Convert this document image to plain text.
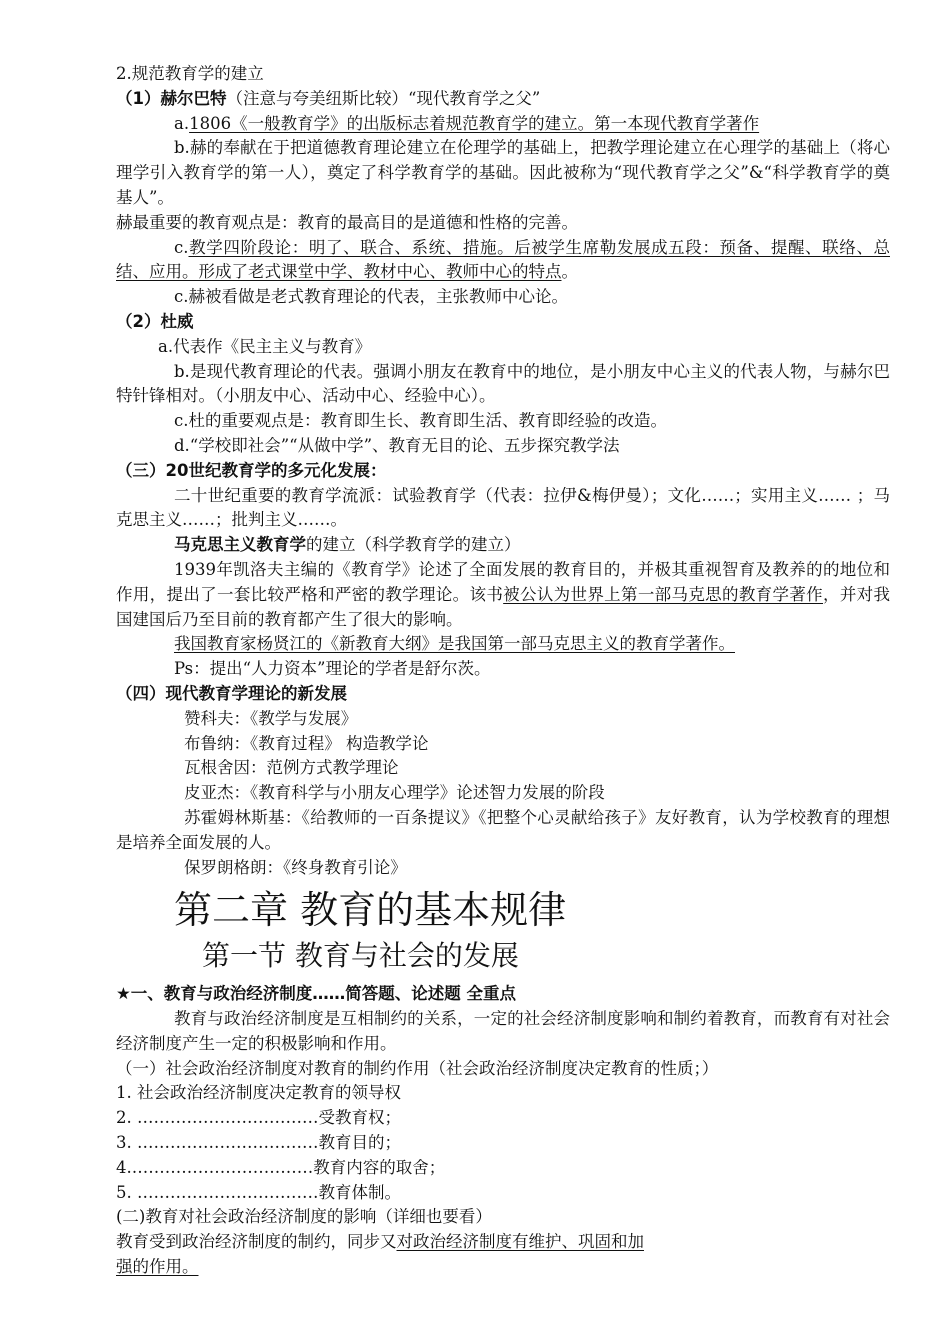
2.规范教育学的建立
（1）赫尔巴特（注意与夸美纽斯比较）“现代教育学之父”
a.1806《一般教育学》的出版标志着规范教育学的建立。第一本现代教育学著作
b.赫的奉献在于把道德教育理论建立在伦理学的基础上，把教学理论建立在心理学的基础上（将心理学引入教育学的第一人），奠定了科学教育学的基础。因此被称为“现代教育学之父”&“科学教育学的奠基人”。
赫最重要的教育观点是：教育的最高目的是道德和性格的完善。
c.教学四阶段论：明了、联合、系统、措施。后被学生席勒发展成五段：预备、提醒、联络、总结、应用。形成了老式课堂中学、教材中心、教师中心的特点。
c.赫被看做是老式教育理论的代表，主张教师中心论。
（2）杜威
a.代表作《民主主义与教育》
b.是现代教育理论的代表。强调小朋友在教育中的地位，是小朋友中心主义的代表人物，与赫尔巴特针锋相对。（小朋友中心、活动中心、经验中心）。
c.杜的重要观点是：教育即生长、教育即生活、教育即经验的改造。
d.“学校即社会”“从做中学”、教育无目的论、五步探究教学法
（三）20世纪教育学的多元化发展：
二十世纪重要的教育学流派：试验教育学（代表：拉伊&梅伊曼）；文化……；实用主义…… ；马克思主义……；批判主义……。
马克思主义教育学的建立（科学教育学的建立）
1939年凯洛夫主编的《教育学》论述了全面发展的教育目的，并极其重视智育及教养的的地位和作用，提出了一套比较严格和严密的教学理论。该书被公认为世界上第一部马克思的教育学著作，并对我国建国后乃至目前的教育都产生了很大的影响。
我国教育家杨贤江的《新教育大纲》是我国第一部马克思主义的教育学著作。
Ps：提出“人力资本”理论的学者是舒尔茨。
（四）现代教育学理论的新发展
赞科夫：《教学与发展》
布鲁纳：《教育过程》 构造教学论
瓦根舍因：范例方式教学理论
皮亚杰：《教育科学与小朋友心理学》论述智力发展的阶段
苏霍姆林斯基：《给教师的一百条提议》《把整个心灵献给孩子》友好教育，认为学校教育的理想是培养全面发展的人。
保罗朗格朗：《终身教育引论》
第二章 教育的基本规律
第一节 教育与社会的发展
★一、教育与政治经济制度……简答题、论述题 全重点
教育与政治经济制度是互相制约的关系，一定的社会经济制度影响和制约着教育，而教育有对社会经济制度产生一定的积极影响和作用。
（一）社会政治经济制度对教育的制约作用（社会政治经济制度决定教育的性质；）
1. 社会政治经济制度决定教育的领导权
2. ……………………………受教育权；
3. ……………………………教育目的；
4.……………………………教育内容的取舍；
5. ……………………………教育体制。
(二)教育对社会政治经济制度的影响（详细也要看）
教育受到政治经济制度的制约，同步又对政治经济制度有维护、巩固和加
强的作用。
